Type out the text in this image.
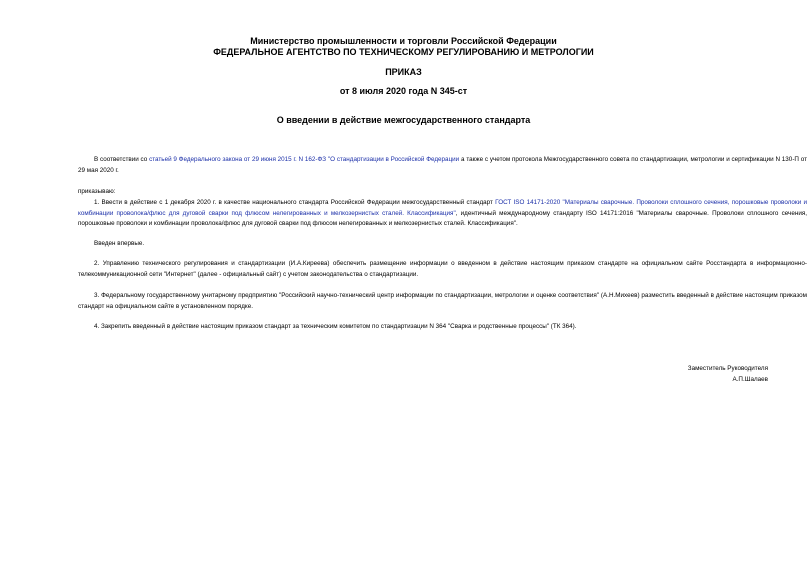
Министерство промышленности и торговли Российской Федерации
ФЕДЕРАЛЬНОЕ АГЕНТСТВО ПО ТЕХНИЧЕСКОМУ РЕГУЛИРОВАНИЮ И МЕТРОЛОГИИ
ПРИКАЗ
от 8 июля 2020 года N 345-ст
О введении в действие межгосударственного стандарта
В соответствии со статьей 9 Федерального закона от 29 июня 2015 г. N 162-ФЗ "О стандартизации в Российской Федерации а также с учетом протокола Межгосударственного совета по стандартизации, метрологии и сертификации N 130-П от 29 мая 2020 г.
приказываю:
1. Ввести в действие с 1 декабря 2020 г. в качестве национального стандарта Российской Федерации межгосударственный стандарт ГОСТ ISO 14171-2020 "Материалы сварочные. Проволоки сплошного сечения, порошковые проволоки и комбинации проволока/флюс для дуговой сварки под флюсом нелегированных и мелкозернистых сталей. Классификация", идентичный международному стандарту ISO 14171:2016 "Материалы сварочные. Проволоки сплошного сечения, порошковые проволоки и комбинации проволока/флюс для дуговой сварки под флюсом нелегированных и мелкозернистых сталей. Классификация".
Введен впервые.
2. Управлению технического регулирования и стандартизации (И.А.Киреева) обеспечить размещение информации о введенном в действие настоящим приказом стандарте на официальном сайте Росстандарта в информационно-телекоммуникационной сети "Интернет" (далее - официальный сайт) с учетом законодательства о стандартизации.
3. Федеральному государственному унитарному предприятию "Российский научно-технический центр информации по стандартизации, метрологии и оценке соответствия" (А.Н.Михеев) разместить введенный в действие настоящим приказом стандарт на официальном сайте в установленном порядке.
4. Закрепить введенный в действие настоящим приказом стандарт за техническим комитетом по стандартизации N 364 "Сварка и родственные процессы" (ТК 364).
Заместитель Руководителя
А.П.Шалаев
